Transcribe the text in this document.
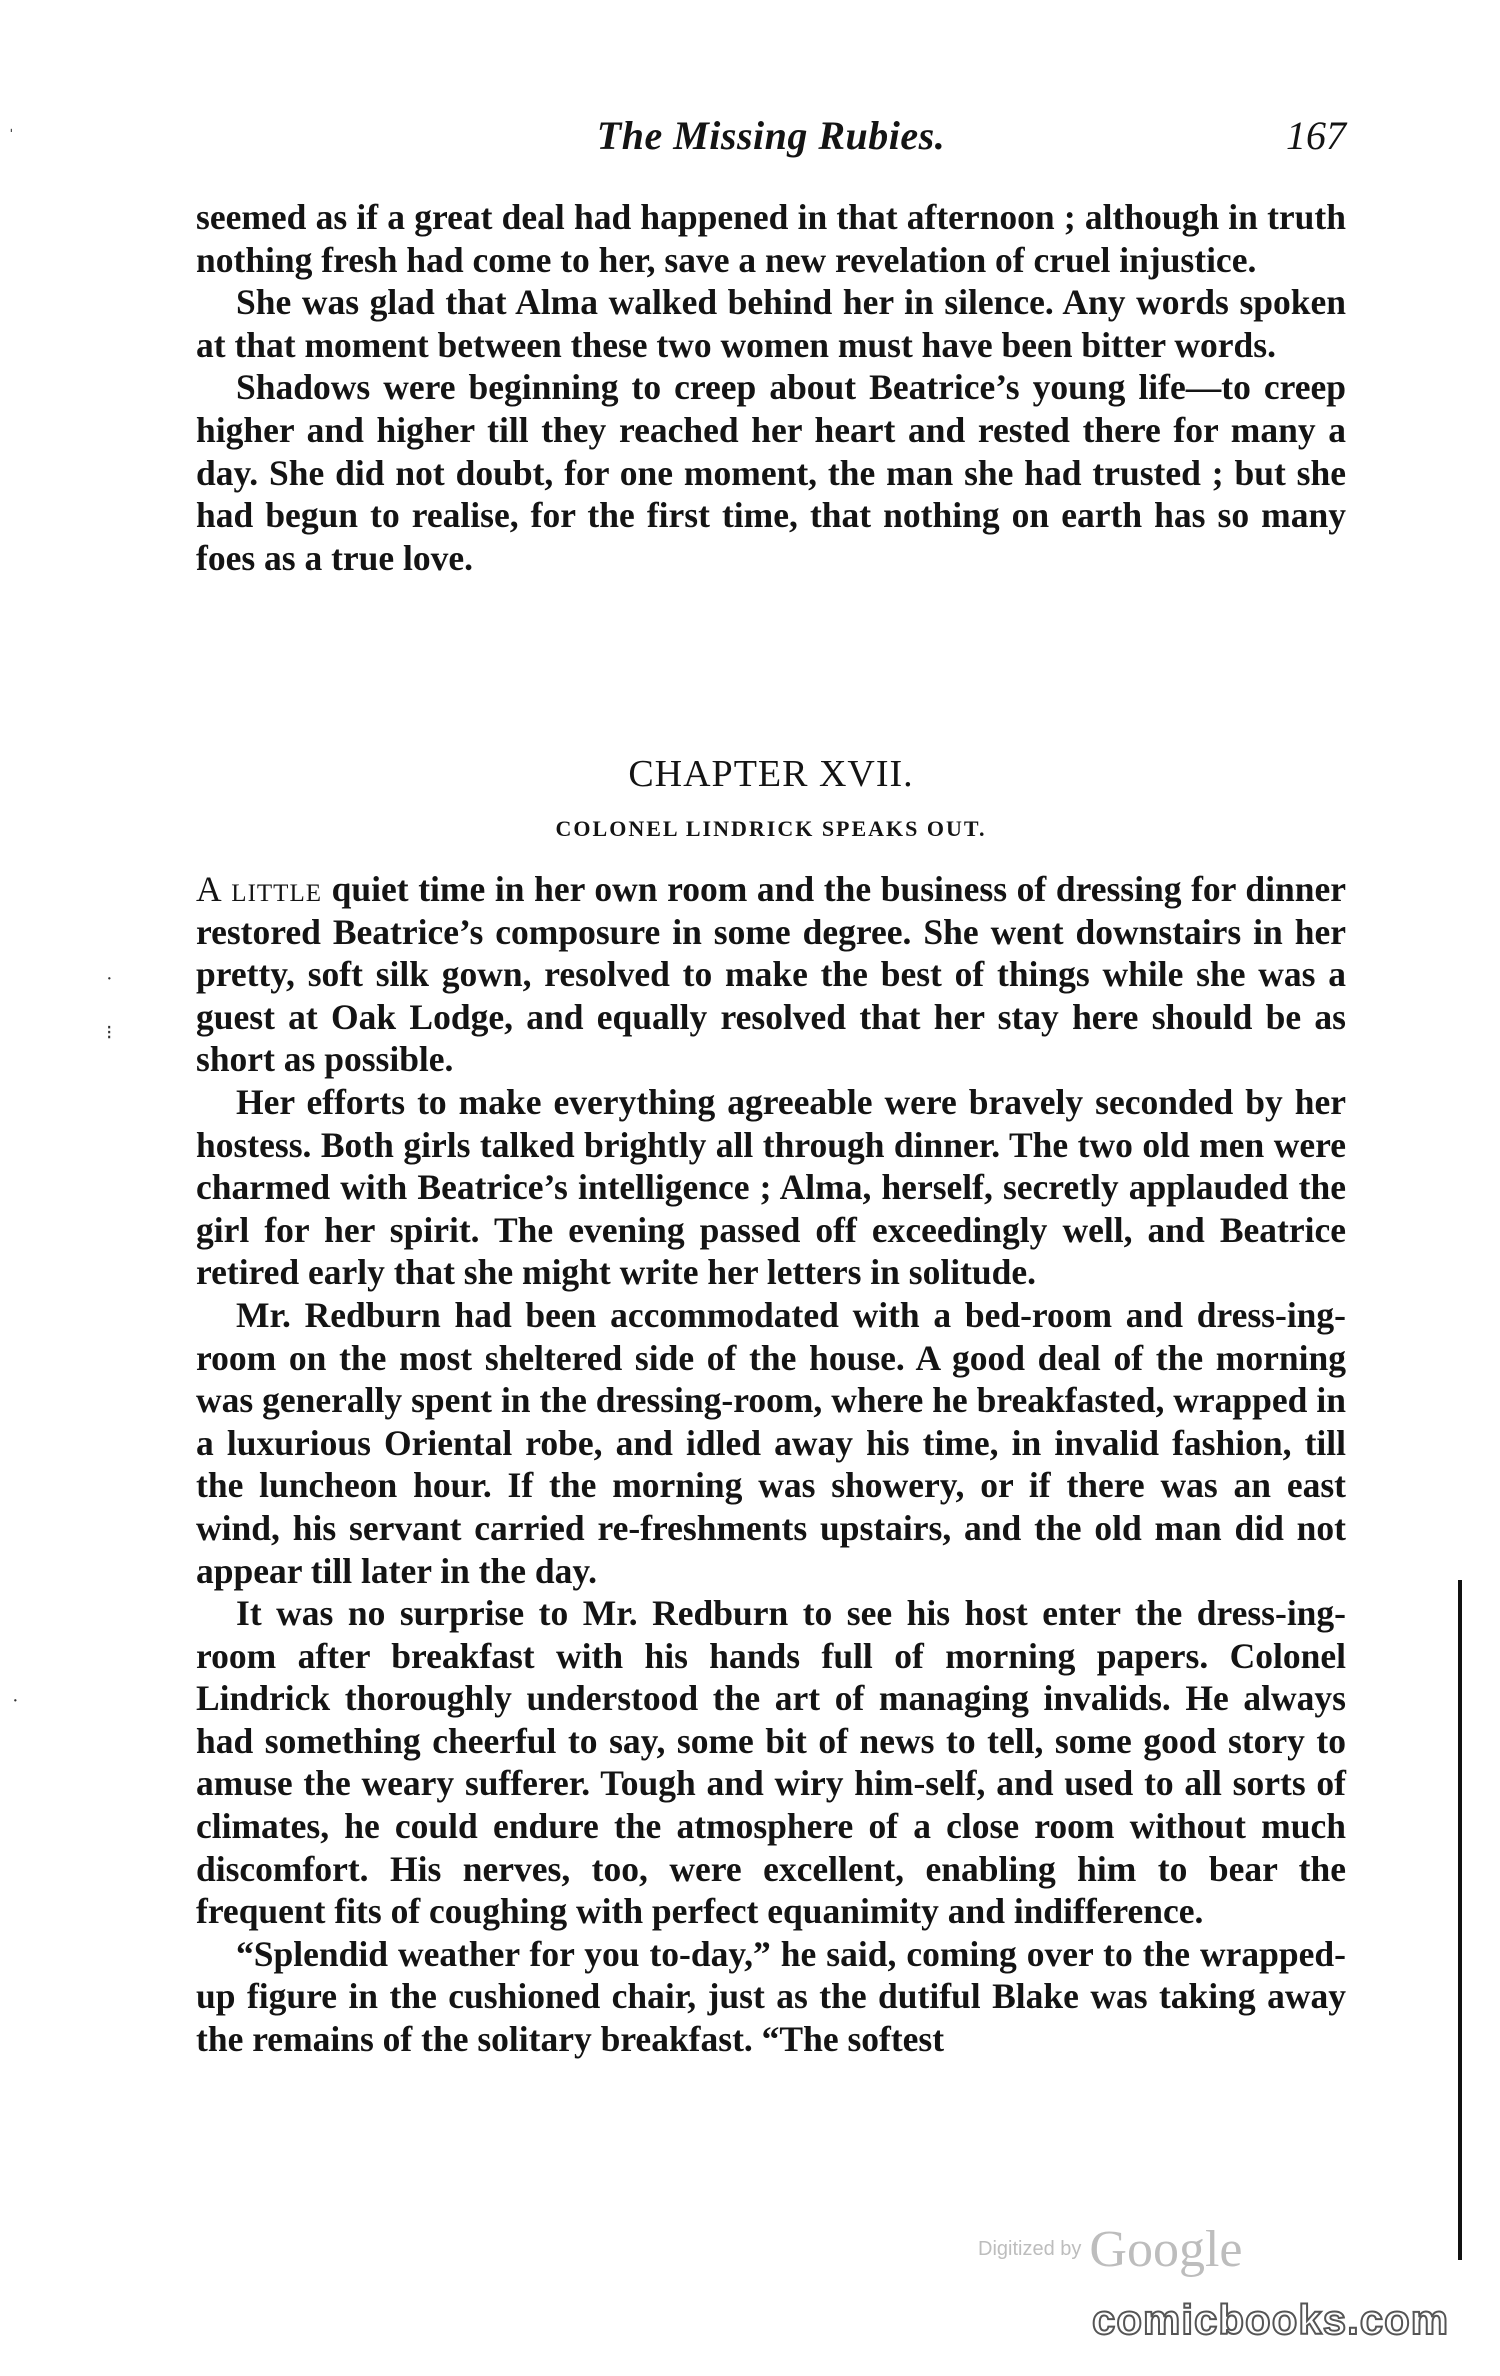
The Missing Rubies.	167

seemed as if a great deal had happened in that afternoon ; although in truth nothing fresh had come to her, save a new revelation of cruel injustice.

She was glad that Alma walked behind her in silence. Any words spoken at that moment between these two women must have been bitter words.

Shadows were beginning to creep about Beatrice’s young life—to creep higher and higher till they reached her heart and rested there for many a day. She did not doubt, for one moment, the man she had trusted ; but she had begun to realise, for the first time, that nothing on earth has so many foes as a true love.

CHAPTER XVII.
COLONEL LINDRICK SPEAKS OUT.

A little quiet time in her own room and the business of dressing for dinner restored Beatrice’s composure in some degree. She went downstairs in her pretty, soft silk gown, resolved to make the best of things while she was a guest at Oak Lodge, and equally resolved that her stay here should be as short as possible.

Her efforts to make everything agreeable were bravely seconded by her hostess. Both girls talked brightly all through dinner. The two old men were charmed with Beatrice’s intelligence ; Alma, herself, secretly applauded the girl for her spirit. The evening passed off exceedingly well, and Beatrice retired early that she might write her letters in solitude.

Mr. Redburn had been accommodated with a bed-room and dress-ing-room on the most sheltered side of the house. A good deal of the morning was generally spent in the dressing-room, where he breakfasted, wrapped in a luxurious Oriental robe, and idled away his time, in invalid fashion, till the luncheon hour. If the morning was showery, or if there was an east wind, his servant carried re-freshments upstairs, and the old man did not appear till later in the day.

It was no surprise to Mr. Redburn to see his host enter the dress-ing-room after breakfast with his hands full of morning papers. Colonel Lindrick thoroughly understood the art of managing invalids. He always had something cheerful to say, some bit of news to tell, some good story to amuse the weary sufferer. Tough and wiry him-self, and used to all sorts of climates, he could endure the atmosphere of a close room without much discomfort. His nerves, too, were excellent, enabling him to bear the frequent fits of coughing with perfect equanimity and indifference.

“Splendid weather for you to-day,” he said, coming over to the wrapped-up figure in the cushioned chair, just as the dutiful Blake was taking away the remains of the solitary breakfast. “The softest

ˈ
·
⁝
·
Digitized by Google
comicbooks.com
